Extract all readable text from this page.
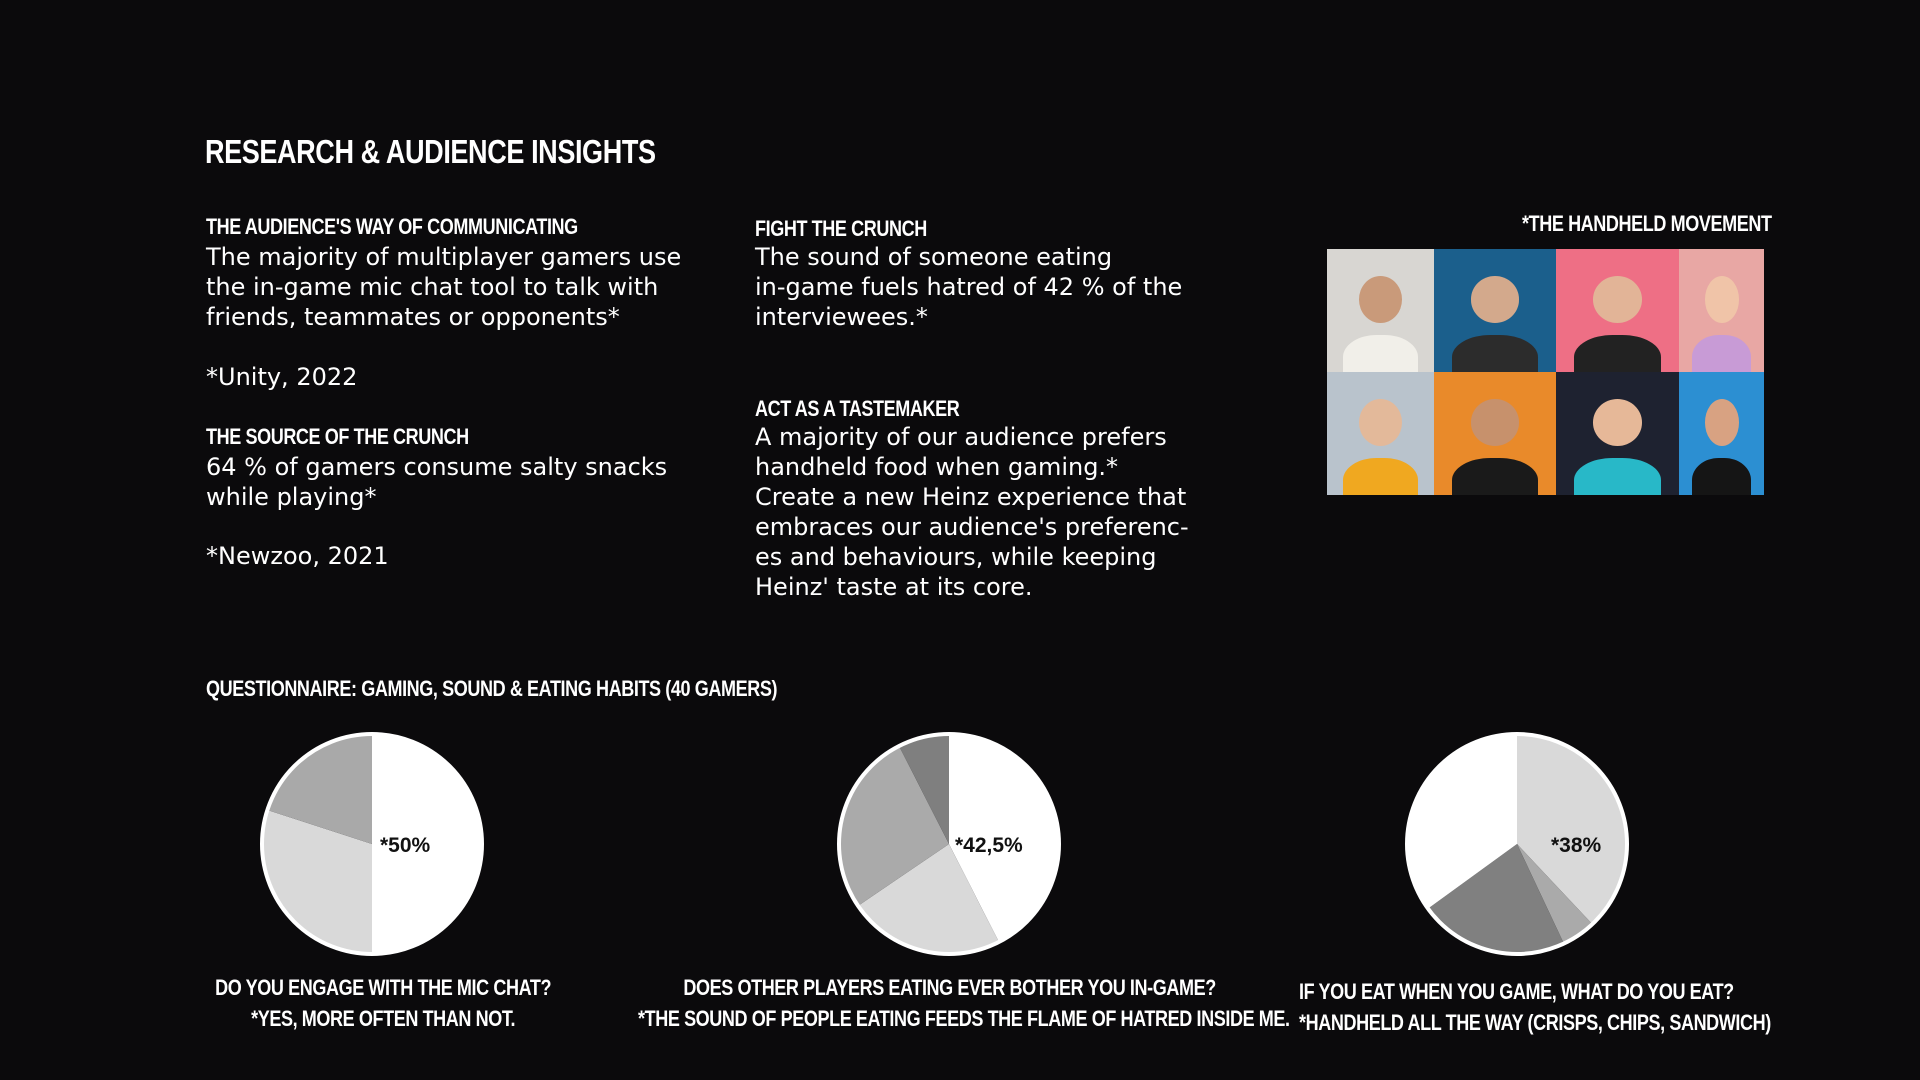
RESEARCH & AUDIENCE INSIGHTS
THE AUDIENCE'S WAY OF COMMUNICATING
The majority of multiplayer gamers use
the in-game mic chat tool to talk with
friends, teammates or opponents*
*Unity, 2022
THE SOURCE OF THE CRUNCH
64 % of gamers consume salty snacks
while playing*
*Newzoo, 2021
FIGHT THE CRUNCH
The sound of someone eating
in-game fuels hatred of 42 % of the
interviewees.*
ACT AS A TASTEMAKER
A majority of our audience prefers
handheld food when gaming.*
Create a new Heinz experience that
embraces our audience's preferenc-
es and behaviours, while keeping
Heinz' taste at its core.
*THE HANDHELD MOVEMENT
QUESTIONNAIRE: GAMING, SOUND & EATING HABITS (40 GAMERS)
*50%	*42,5%	*38%
DO YOU ENGAGE WITH THE MIC CHAT?
*YES, MORE OFTEN THAN NOT.
DOES OTHER PLAYERS EATING EVER BOTHER YOU IN-GAME?
*THE SOUND OF PEOPLE EATING FEEDS THE FLAME OF HATRED INSIDE ME.
IF YOU EAT WHEN YOU GAME, WHAT DO YOU EAT?
*HANDHELD ALL THE WAY (CRISPS, CHIPS, SANDWICH)
